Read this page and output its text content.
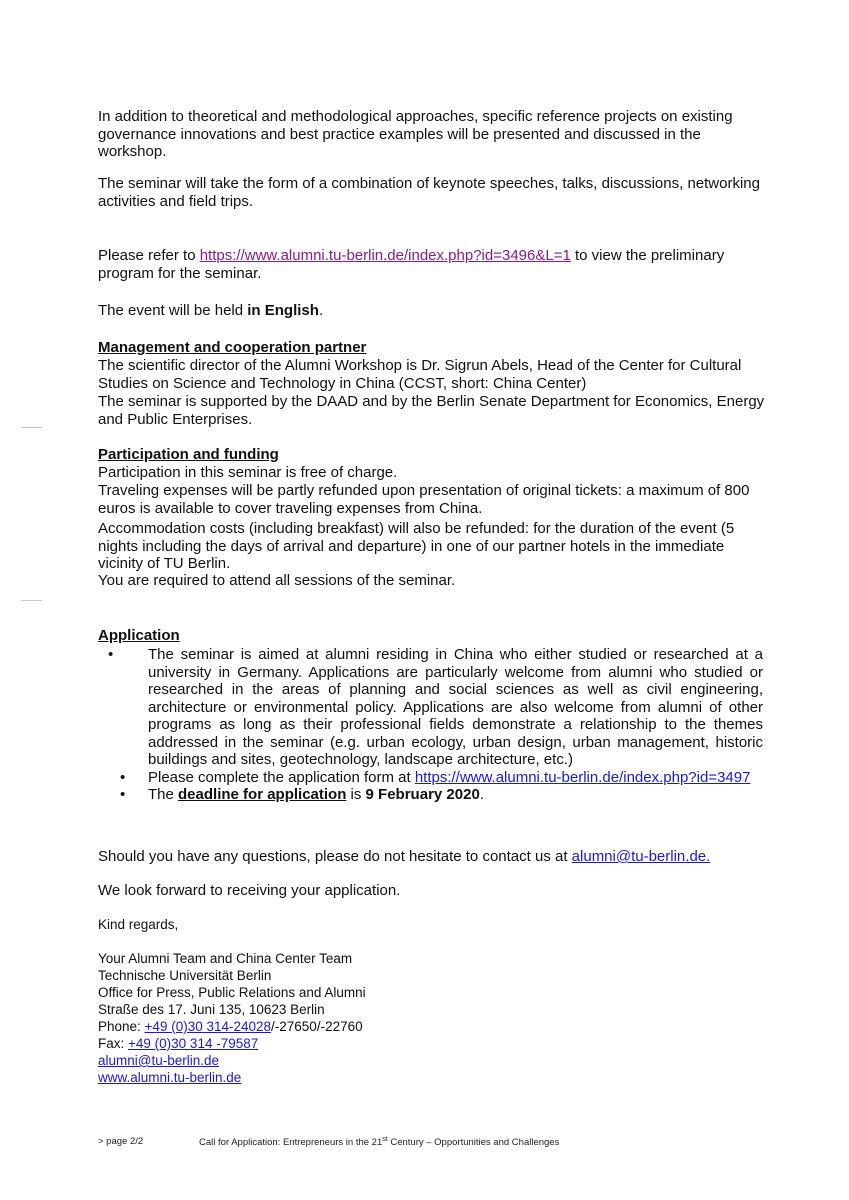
In addition to theoretical and methodological approaches, specific reference projects on existing governance innovations and best practice examples will be presented and discussed in the workshop.

The seminar will take the form of a combination of keynote speeches, talks, discussions, networking activities and field trips.

Please refer to https://www.alumni.tu-berlin.de/index.php?id=3496&L=1 to view the preliminary program for the seminar.

The event will be held in English.

Management and cooperation partner

The scientific director of the Alumni Workshop is Dr. Sigrun Abels, Head of the Center for Cultural Studies on Science and Technology in China (CCST, short: China Center)

The seminar is supported by the DAAD and by the Berlin Senate Department for Economics, Energy and Public Enterprises.

Participation and funding

Participation in this seminar is free of charge.

Traveling expenses will be partly refunded upon presentation of original tickets: a maximum of 800 euros is available to cover traveling expenses from China.

Accommodation costs (including breakfast) will also be refunded: for the duration of the event (5 nights including the days of arrival and departure) in one of our partner hotels in the immediate vicinity of TU Berlin.

You are required to attend all sessions of the seminar.

Application

• The seminar is aimed at alumni residing in China who either studied or researched at a university in Germany. Applications are particularly welcome from alumni who studied or researched in the areas of planning and social sciences as well as civil engineering, architecture or environmental policy. Applications are also welcome from alumni of other programs as long as their professional fields demonstrate a relationship to the themes addressed in the seminar (e.g. urban ecology, urban design, urban management, historic buildings and sites, geotechnology, landscape architecture, etc.)
• Please complete the application form at https://www.alumni.tu-berlin.de/index.php?id=3497
• The deadline for application is 9 February 2020.

Should you have any questions, please do not hesitate to contact us at alumni@tu-berlin.de.

We look forward to receiving your application.

Kind regards,

Your Alumni Team and China Center Team
Technische Universität Berlin
Office for Press, Public Relations and Alumni
Straße des 17. Juni 135, 10623 Berlin
Phone: +49 (0)30 314-24028/-27650/-22760
Fax: +49 (0)30 314 -79587
alumni@tu-berlin.de
www.alumni.tu-berlin.de
> page 2/2	Call for Application: Entrepreneurs in the 21st Century – Opportunities and Challenges
